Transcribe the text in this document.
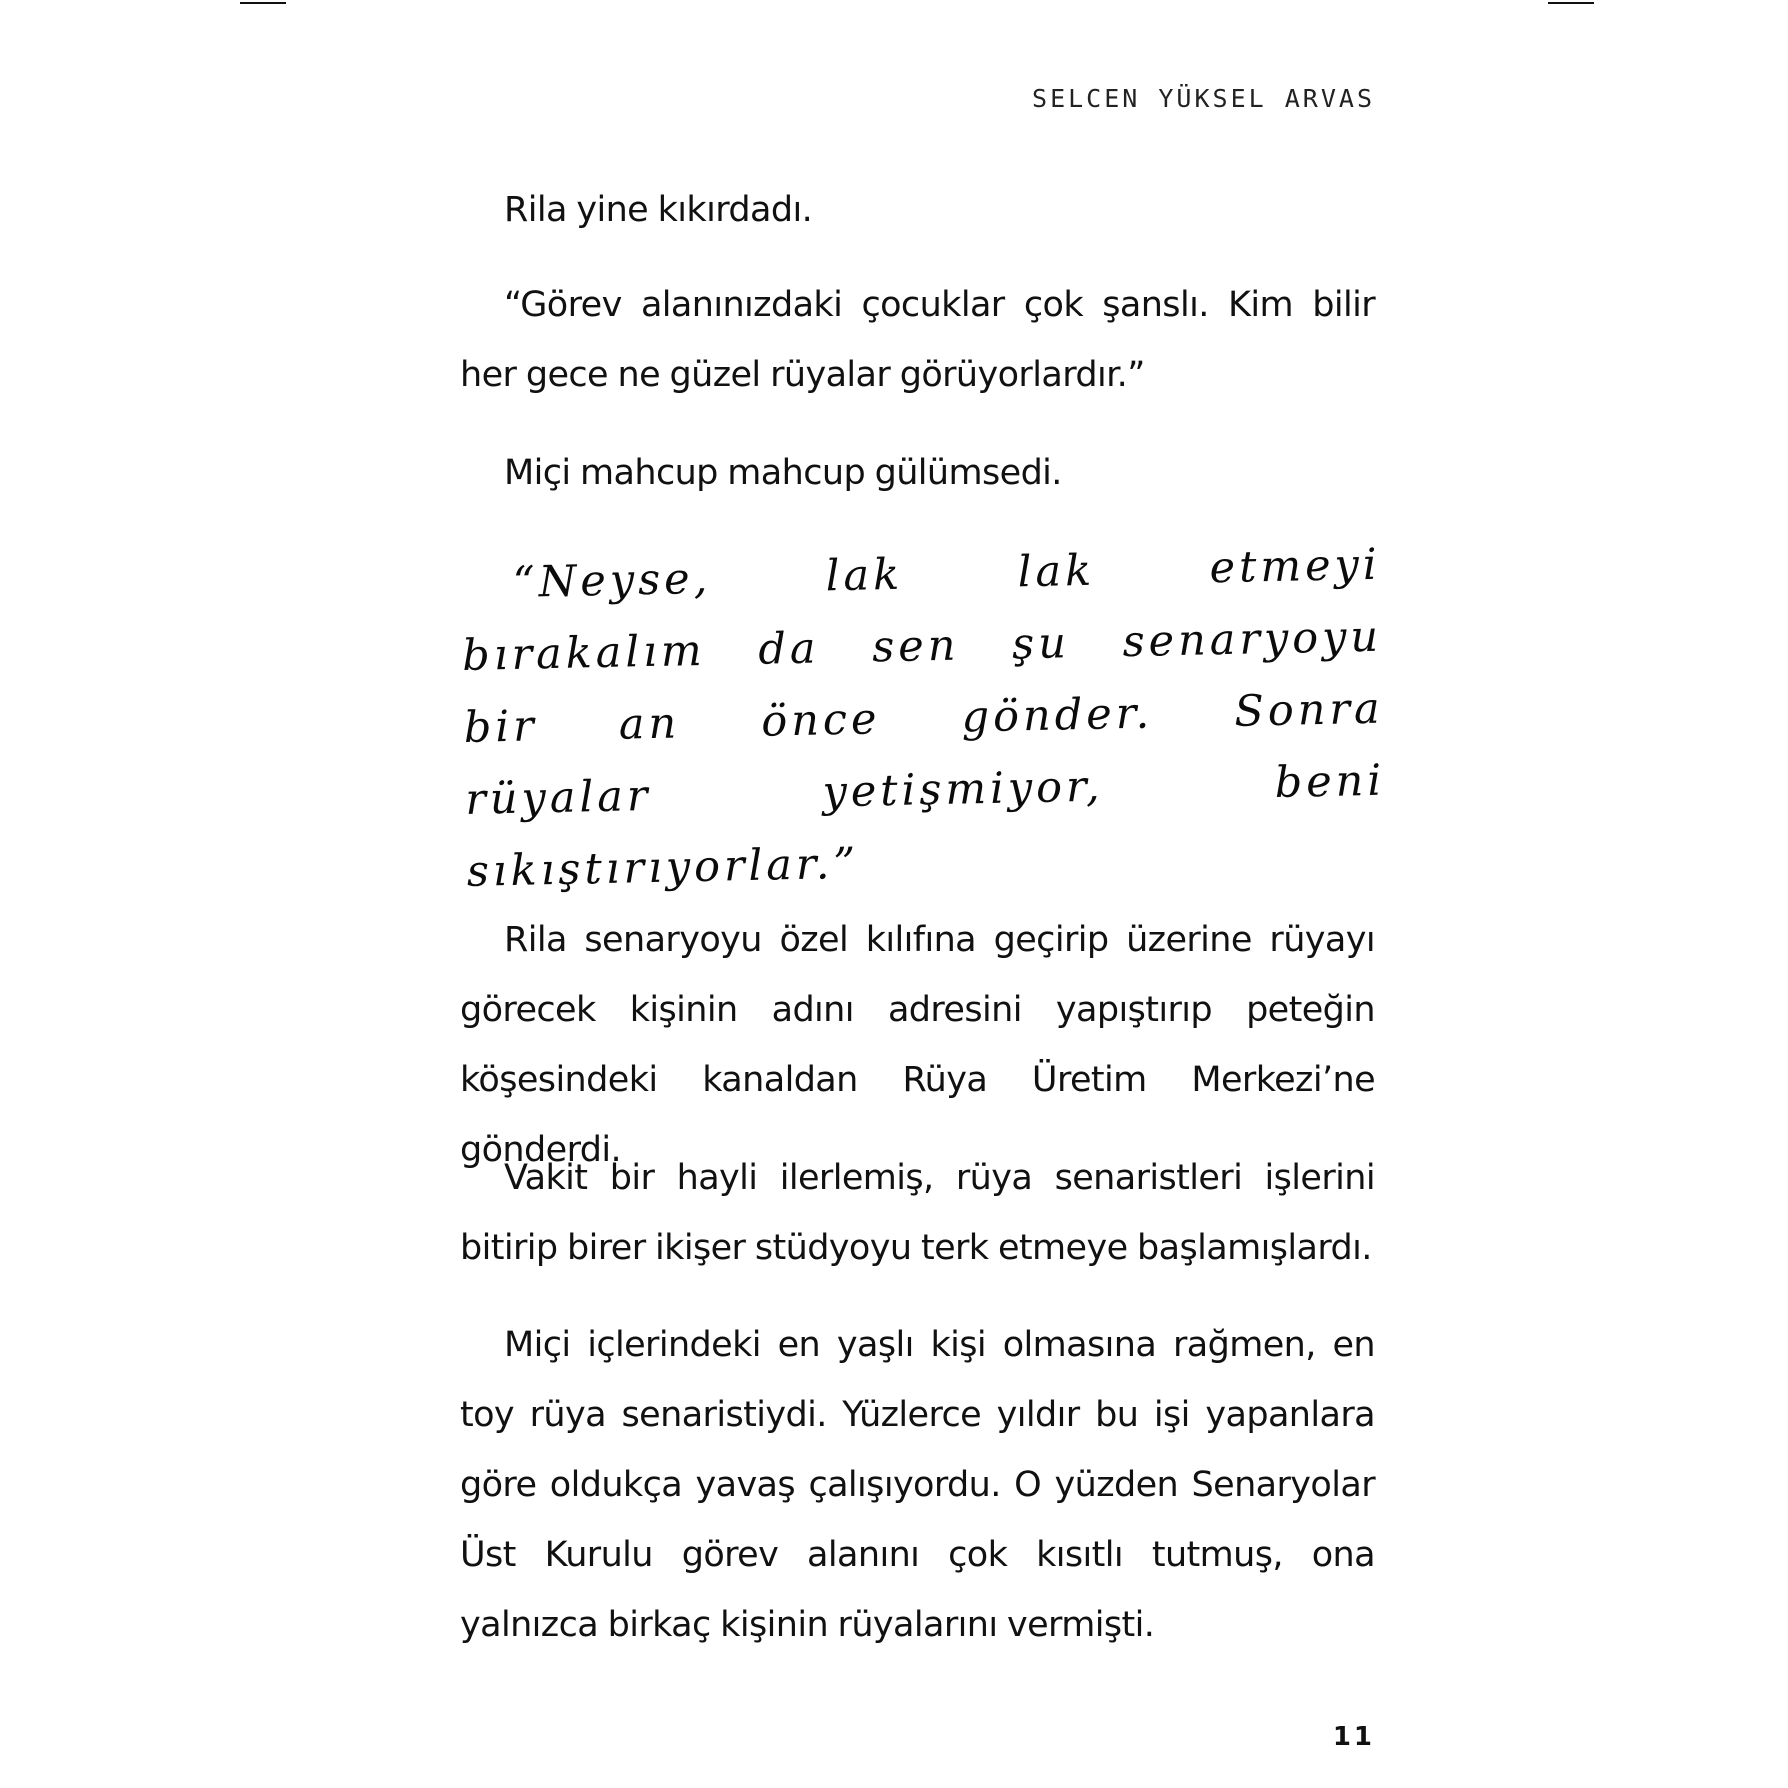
SELCEN YÜKSEL ARVAS

Rila yine kıkırdadı.

“Görev alanınızdaki çocuklar çok şanslı. Kim bilir her gece ne güzel rüyalar görüyorlardır.”

Miçi mahcup mahcup gülümsedi.

“Neyse, lak lak etmeyi bırakalım da sen şu senaryoyu bir an önce gönder. Sonra rüyalar yetişmiyor, beni sıkıştırıyorlar.”

Rila senaryoyu özel kılıfına geçirip üzerine rüyayı görecek kişinin adını adresini yapıştırıp peteğin köşesindeki kanaldan Rüya Üretim Merkezi’ne gönderdi.

Vakit bir hayli ilerlemiş, rüya senaristleri işlerini bitirip birer ikişer stüdyoyu terk etmeye başlamışlardı.

Miçi içlerindeki en yaşlı kişi olmasına rağmen, en toy rüya senaristiydi. Yüzlerce yıldır bu işi yapanlara göre oldukça yavaş çalışıyordu. O yüzden Senaryolar Üst Kurulu görev alanını çok kısıtlı tutmuş, ona yalnızca birkaç kişinin rüyalarını vermişti.

11
